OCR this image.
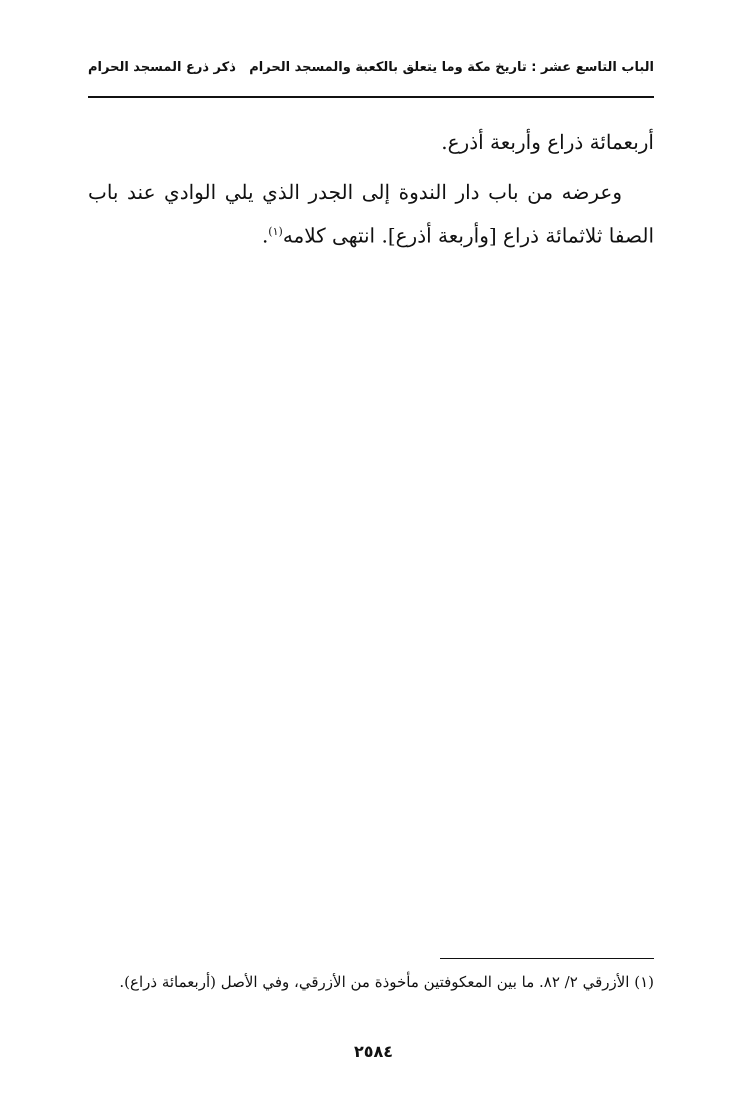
الباب التاسع عشر : تاريخ مكة وما يتعلق بالكعبة والمسجد الحرام
ذكر ذرع المسجد الحرام

أربعمائة ذراع وأربعة أذرع.

وعرضه من باب دار الندوة إلى الجدر الذي يلي الوادي عند باب الصفا ثلاثمائة ذراع [وأربعة أذرع]. انتهى كلامه$^{(١)}$.

(١) الأزرقي ٢/ ٨٢. ما بين المعكوفتين مأخوذة من الأزرقي، وفي الأصل (أربعمائة ذراع).
٢٥٨٤
